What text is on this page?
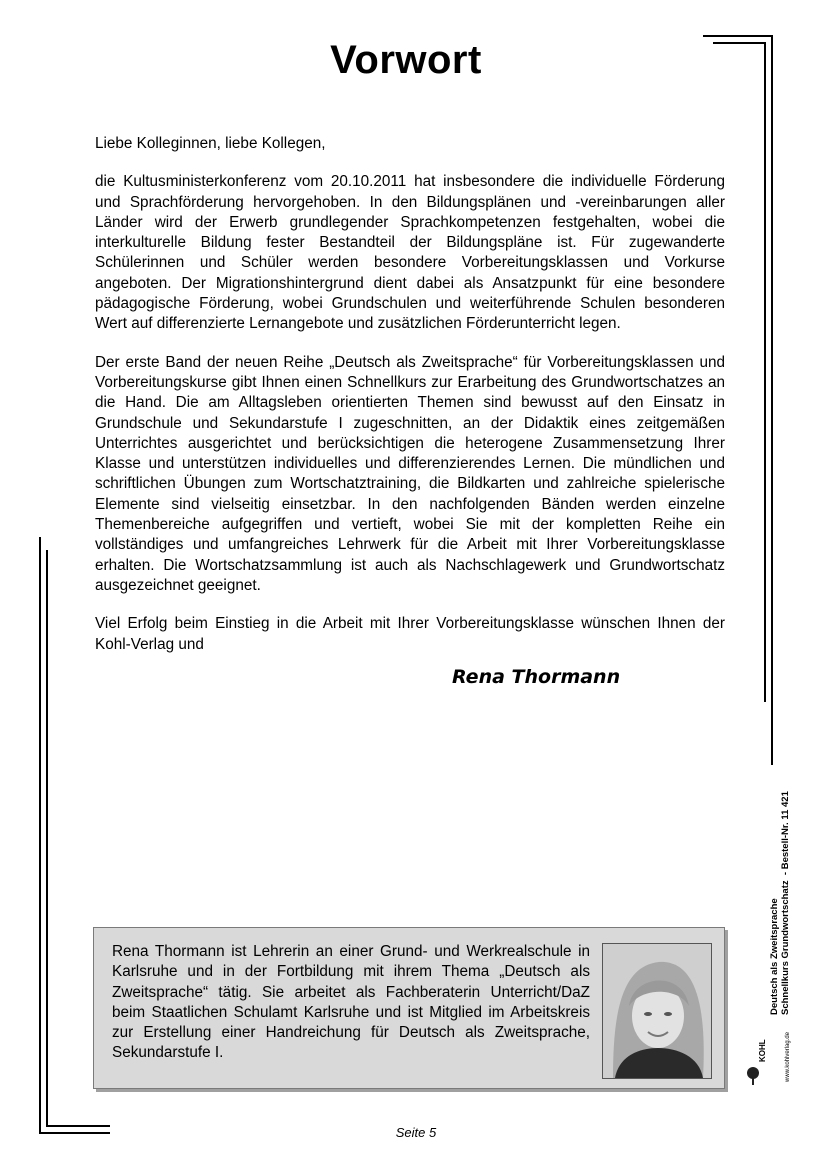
Vorwort

Liebe Kolleginnen, liebe Kollegen,

die Kultusministerkonferenz vom 20.10.2011 hat insbesondere die individuelle Förderung und Sprachförderung hervorgehoben. In den Bildungsplänen und -vereinbarungen aller Länder wird der Erwerb grundlegender Sprachkompetenzen festgehalten, wobei die interkulturelle Bildung fester Bestandteil der Bildungspläne ist. Für zugewanderte Schülerinnen und Schüler werden besondere Vorbereitungsklassen und Vorkurse angeboten. Der Migrationshintergrund dient dabei als Ansatzpunkt für eine besondere pädagogische Förderung, wobei Grundschulen und weiterführende Schulen besonderen Wert auf differenzierte Lernangebote und zusätzlichen Förderunterricht legen.

Der erste Band der neuen Reihe „Deutsch als Zweitsprache“ für Vorbereitungsklassen und Vorbereitungskurse gibt Ihnen einen Schnellkurs zur Erarbeitung des Grundwortschatzes an die Hand. Die am Alltagsleben orientierten Themen sind bewusst auf den Einsatz in Grundschule und Sekundarstufe I zugeschnitten, an der Didaktik eines zeitgemäßen Unterrichtes ausgerichtet und berücksichtigen die heterogene Zusammensetzung Ihrer Klasse und unterstützen individuelles und differenzierendes Lernen. Die mündlichen und schriftlichen Übungen zum Wortschatztraining, die Bildkarten und zahlreiche spielerische Elemente sind vielseitig einsetzbar. In den nachfolgenden Bänden werden einzelne Themenbereiche aufgegriffen und vertieft, wobei Sie mit der kompletten Reihe ein vollständiges und umfangreiches Lehrwerk für die Arbeit mit Ihrer Vorbereitungsklasse erhalten. Die Wortschatzsammlung ist auch als Nachschlagewerk und Grundwortschatz ausgezeichnet geeignet.

Viel Erfolg beim Einstieg in die Arbeit mit Ihrer Vorbereitungsklasse wünschen Ihnen der Kohl-Verlag und

Rena Thormann
Rena Thormann ist Lehrerin an einer Grund- und Werkrealschule in Karlsruhe und in der Fortbildung mit ihrem Thema „Deutsch als Zweitsprache“ tätig. Sie arbeitet als Fachberaterin Unterricht/DaZ beim Staatlichen Schulamt Karlsruhe und ist Mitglied im Arbeitskreis zur Erstellung einer Handreichung für Deutsch als Zweitsprache, Sekundarstufe I.
Deutsch als Zweitsprache Schnellkurs Grundwortschatz  - Bestell-Nr. 11 421
KOHL	www.kohlverlag.de
Seite 5
